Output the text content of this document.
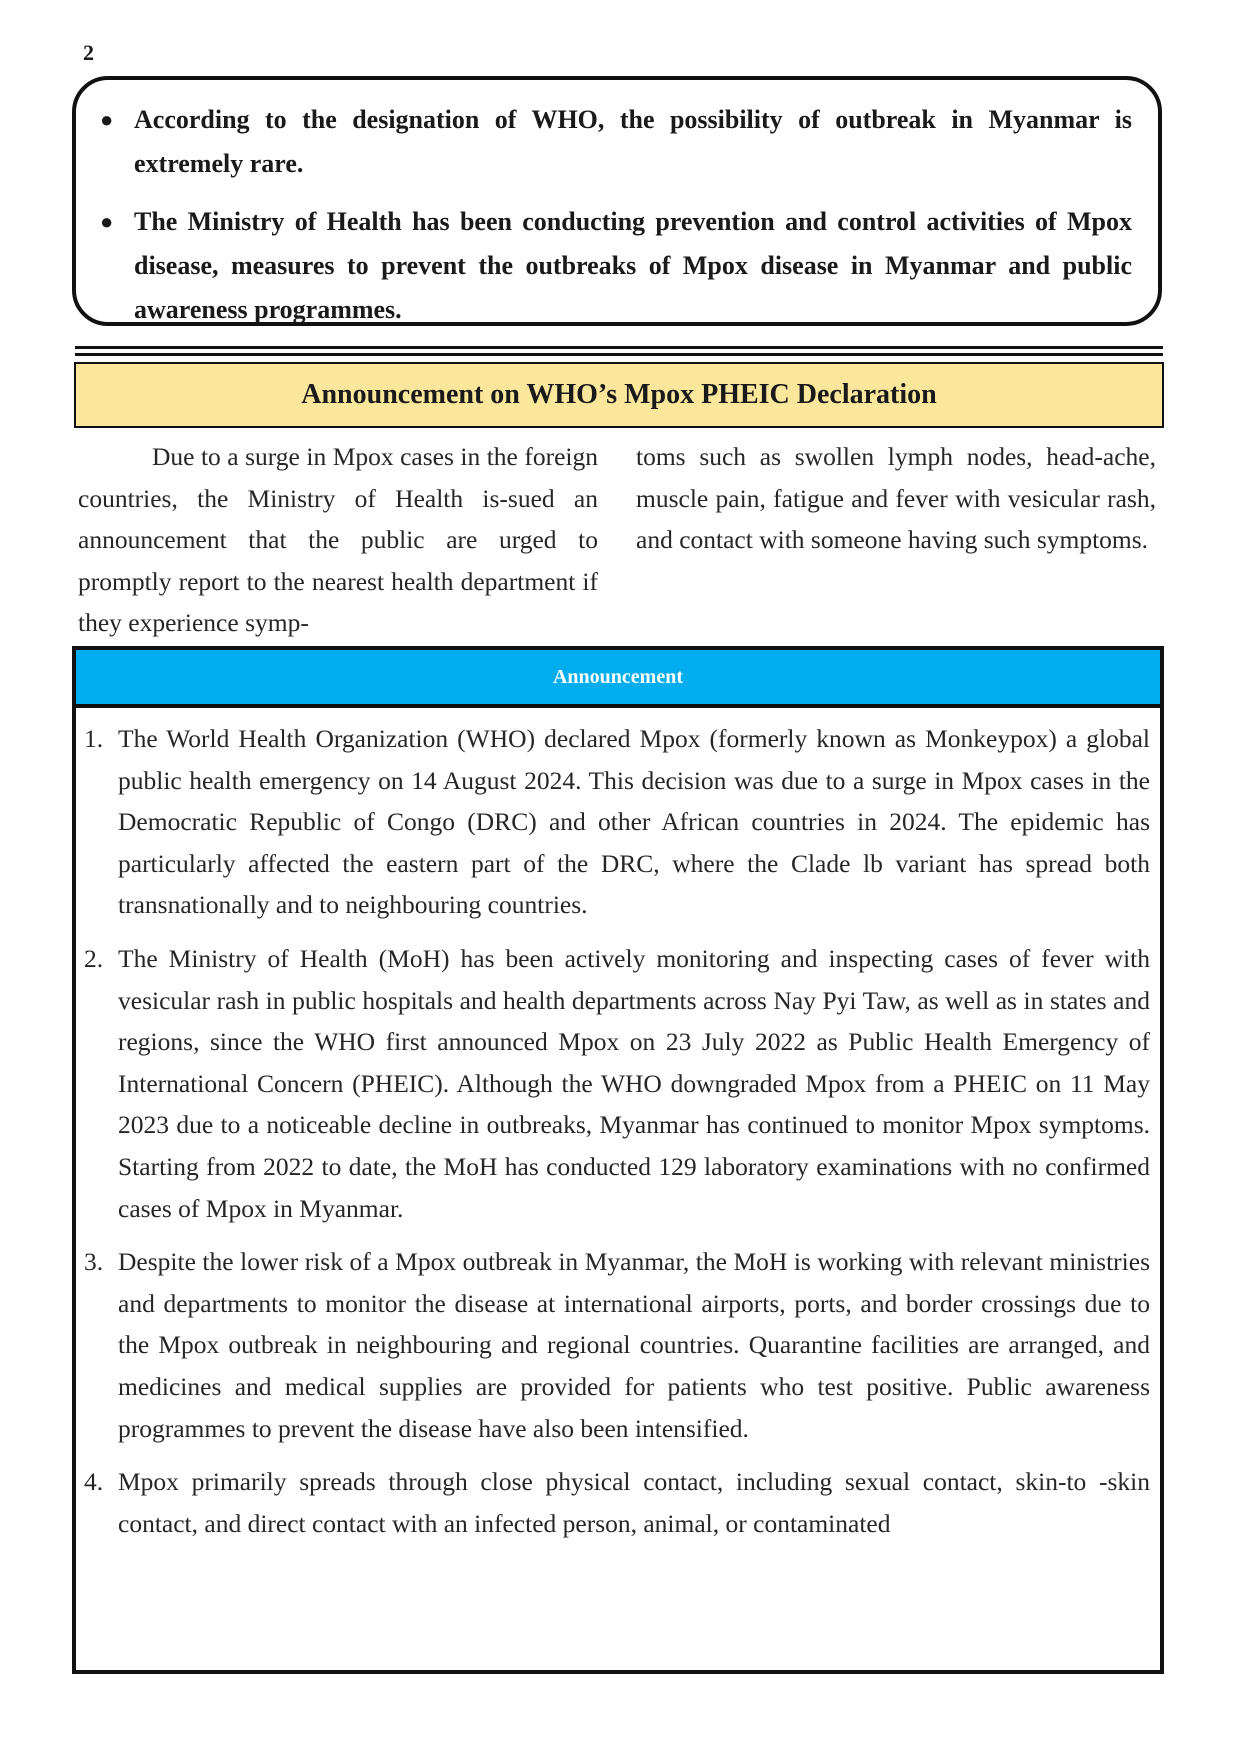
2
● According to the designation of WHO, the possibility of outbreak in Myanmar is extremely rare.
● The Ministry of Health has been conducting prevention and control activities of Mpox disease, measures to prevent the outbreaks of Mpox disease in Myanmar and public awareness programmes.
Announcement on WHO’s Mpox PHEIC Declaration
Due to a surge in Mpox cases in the foreign countries, the Ministry of Health is-sued an announcement that the public are urged to promptly report to the nearest health department if they experience symp-
toms such as swollen lymph nodes, head-ache, muscle pain, fatigue and fever with vesicular rash, and contact with someone having such symptoms.
Announcement
1. The World Health Organization (WHO) declared Mpox (formerly known as Monkeypox) a global public health emergency on 14 August 2024. This decision was due to a surge in Mpox cases in the Democratic Republic of Congo (DRC) and other African countries in 2024. The epidemic has particularly affected the eastern part of the DRC, where the Clade lb variant has spread both transnationally and to neighbouring countries.
2. The Ministry of Health (MoH) has been actively monitoring and inspecting cases of fever with vesicular rash in public hospitals and health departments across Nay Pyi Taw, as well as in states and regions, since the WHO first announced Mpox on 23 July 2022 as Public Health Emergency of International Concern (PHEIC). Although the WHO downgraded Mpox from a PHEIC on 11 May 2023 due to a noticeable decline in outbreaks, Myanmar has continued to monitor Mpox symptoms. Starting from 2022 to date, the MoH has conducted 129 laboratory examinations with no confirmed cases of Mpox in Myanmar.
3. Despite the lower risk of a Mpox outbreak in Myanmar, the MoH is working with relevant ministries and departments to monitor the disease at international airports, ports, and border crossings due to the Mpox outbreak in neighbouring and regional countries. Quarantine facilities are arranged, and medicines and medical supplies are provided for patients who test positive. Public awareness programmes to prevent the disease have also been intensified.
4. Mpox primarily spreads through close physical contact, including sexual contact, skin-to -skin contact, and direct contact with an infected person, animal, or contaminated
